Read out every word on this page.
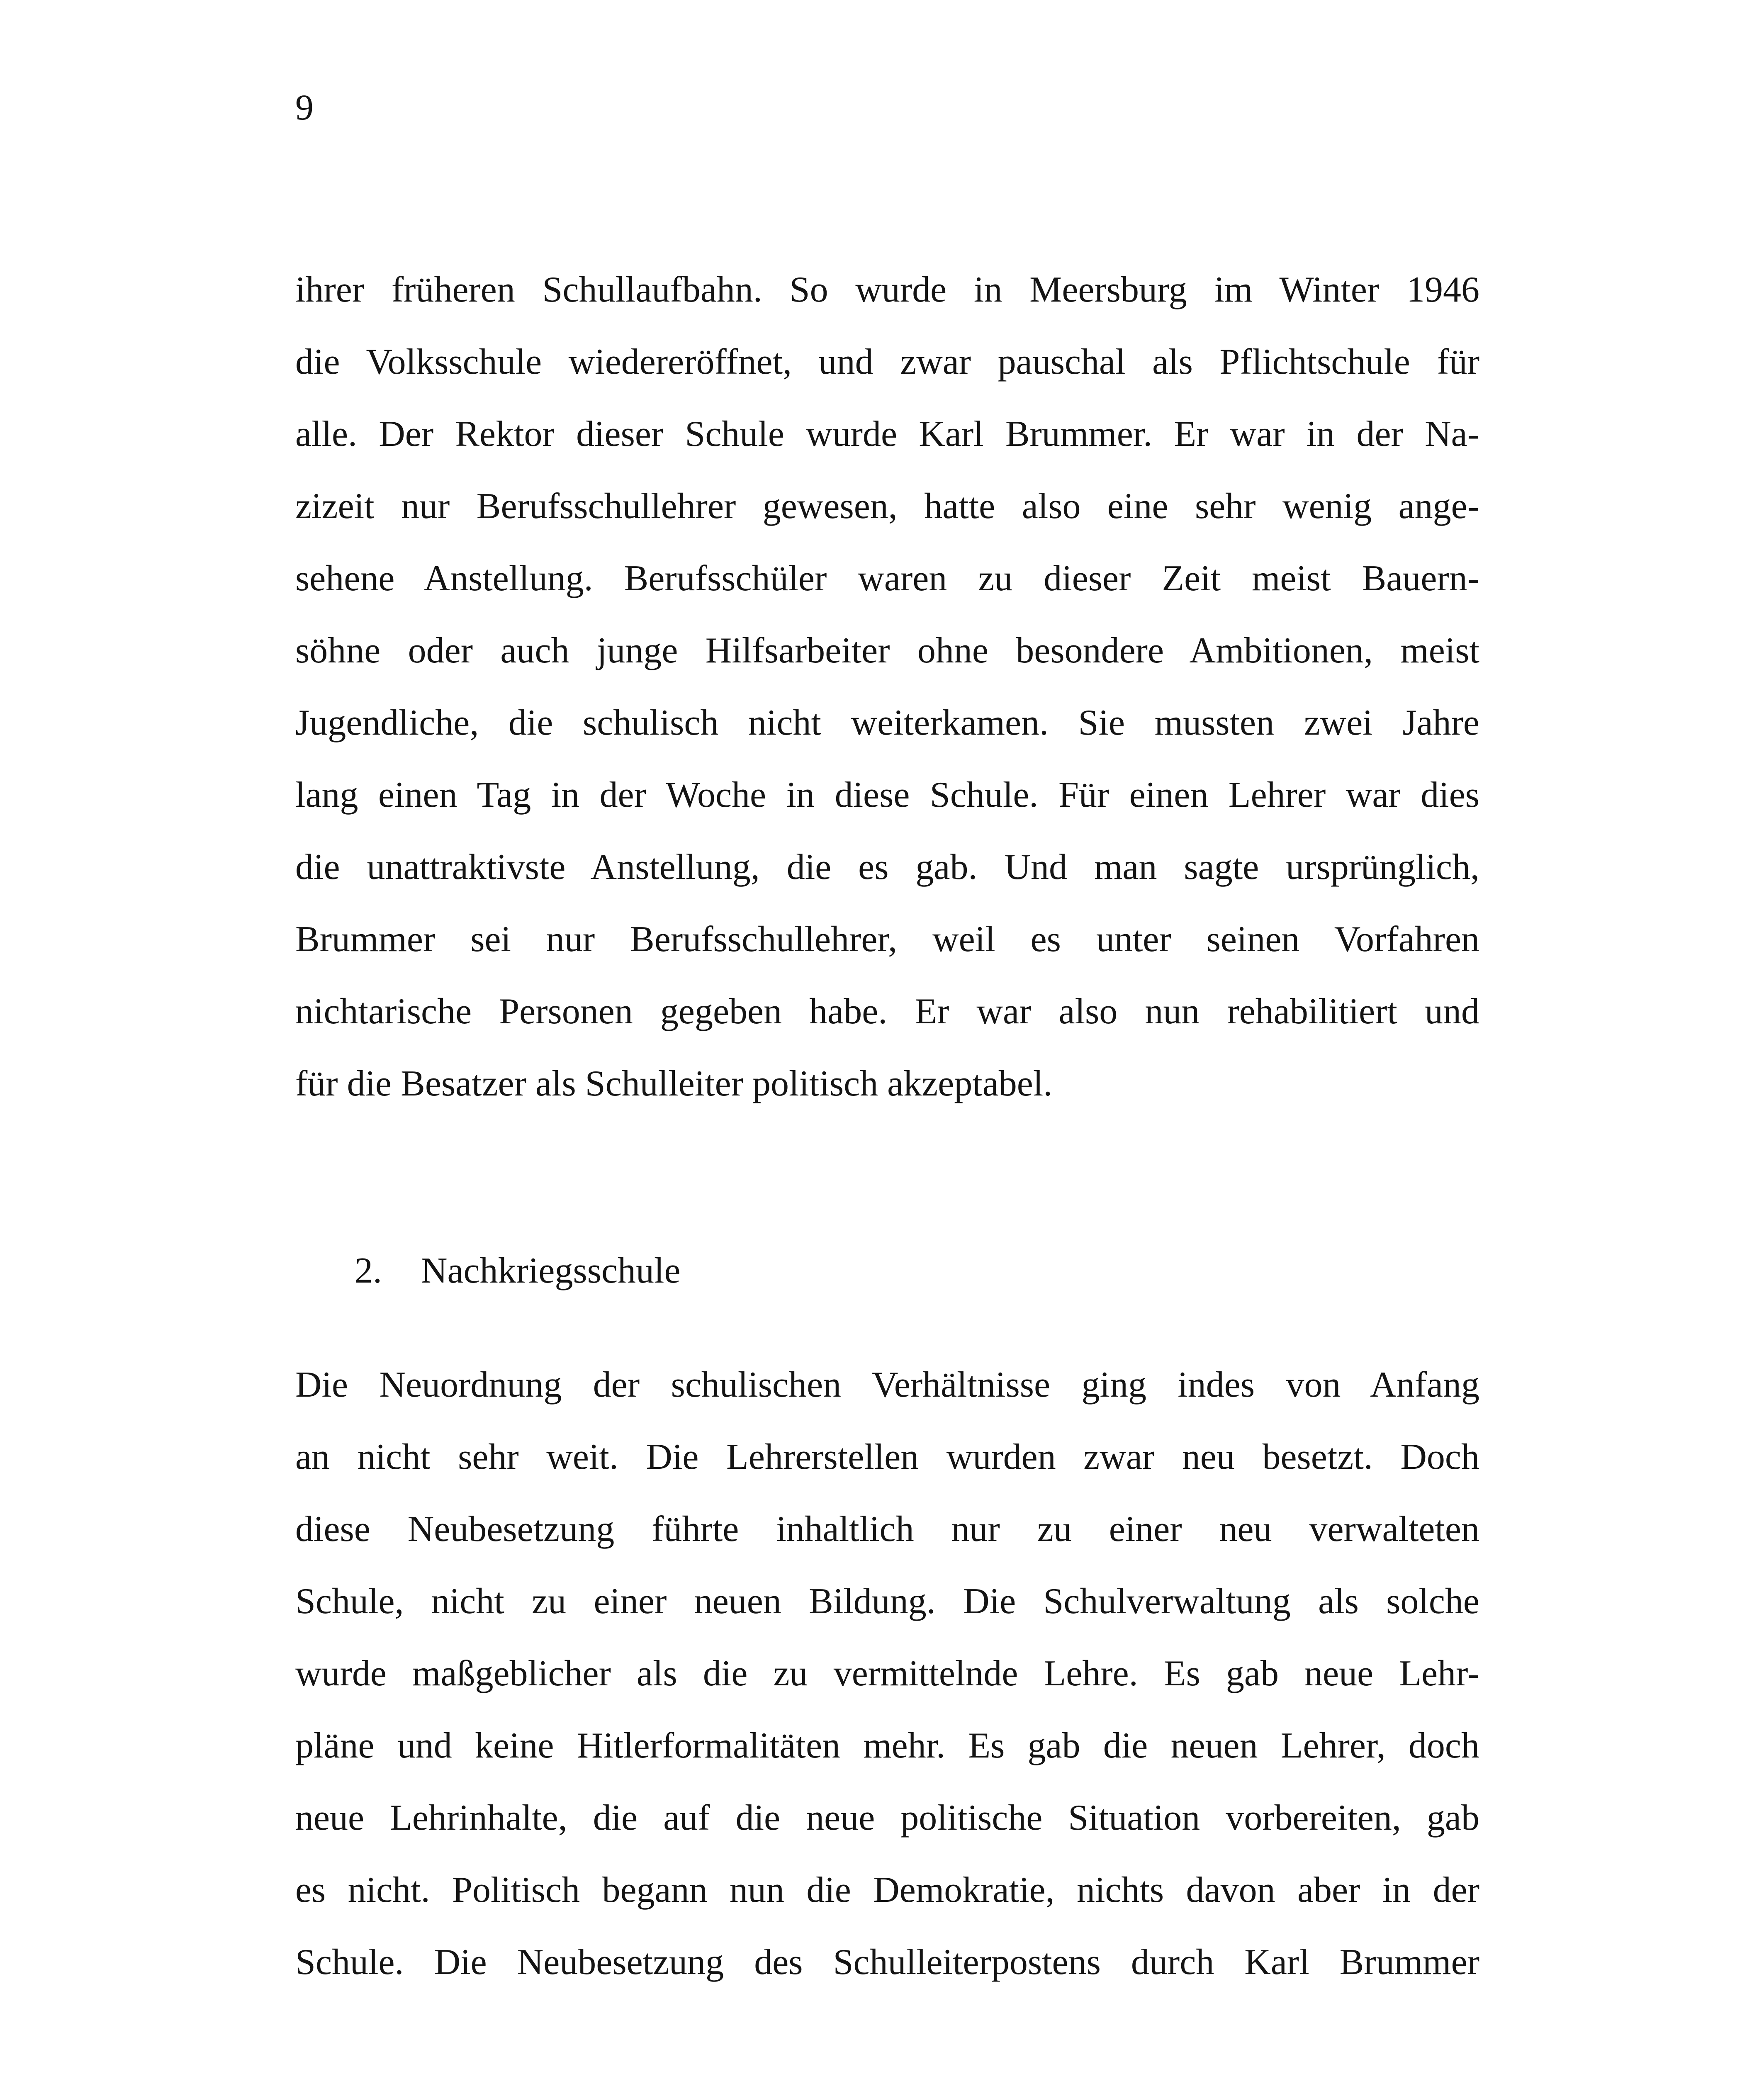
9
ihrer früheren Schullaufbahn. So wurde in Meersburg im Winter 1946
die Volksschule wiedereröffnet, und zwar pauschal als Pflichtschule für
alle. Der Rektor dieser Schule wurde Karl Brummer. Er war in der Na-
zizeit nur Berufsschullehrer gewesen, hatte also eine sehr wenig ange-
sehene Anstellung. Berufsschüler waren zu dieser Zeit meist Bauern-
söhne oder auch junge Hilfsarbeiter ohne besondere Ambitionen, meist
Jugendliche, die schulisch nicht weiterkamen. Sie mussten zwei Jahre
lang einen Tag in der Woche in diese Schule. Für einen Lehrer war dies
die unattraktivste Anstellung, die es gab. Und man sagte ursprünglich,
Brummer sei nur Berufsschullehrer, weil es unter seinen Vorfahren
nichtarische Personen gegeben habe. Er war also nun rehabilitiert und
für die Besatzer als Schulleiter politisch akzeptabel.
2. Nachkriegsschule
Die Neuordnung der schulischen Verhältnisse ging indes von Anfang
an nicht sehr weit. Die Lehrerstellen wurden zwar neu besetzt. Doch
diese Neubesetzung führte inhaltlich nur zu einer neu verwalteten
Schule, nicht zu einer neuen Bildung. Die Schulverwaltung als solche
wurde maßgeblicher als die zu vermittelnde Lehre. Es gab neue Lehr-
pläne und keine Hitlerformalitäten mehr. Es gab die neuen Lehrer, doch
neue Lehrinhalte, die auf die neue politische Situation vorbereiten, gab
es nicht. Politisch begann nun die Demokratie, nichts davon aber in der
Schule. Die Neubesetzung des Schulleiterpostens durch Karl Brummer
